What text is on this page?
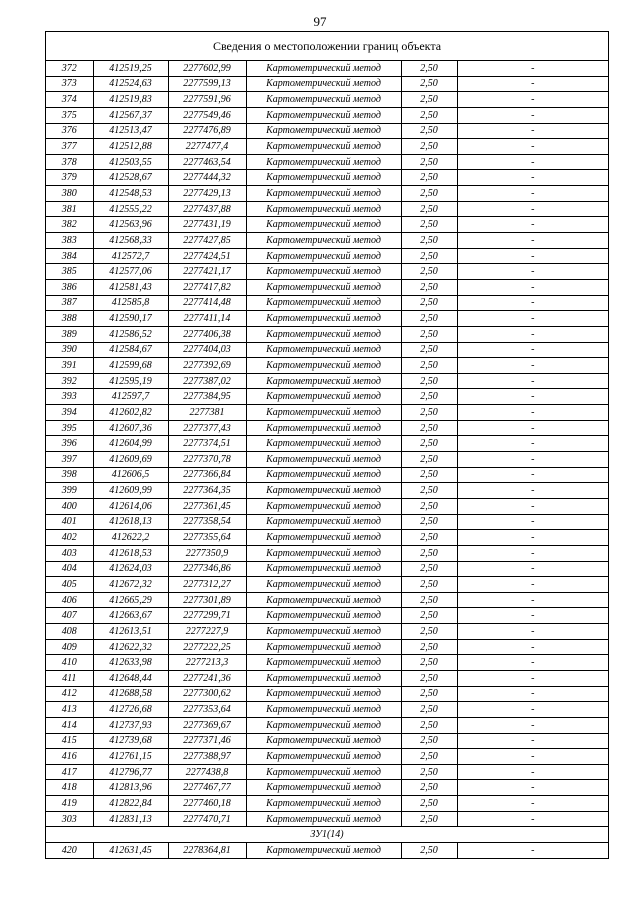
97
Сведения о местоположении границ объекта
372	412519,25	2277602,99	Картометрический метод	2,50	-
373	412524,63	2277599,13	Картометрический метод	2,50	-
374	412519,83	2277591,96	Картометрический метод	2,50	-
375	412567,37	2277549,46	Картометрический метод	2,50	-
376	412513,47	2277476,89	Картометрический метод	2,50	-
377	412512,88	2277477,4	Картометрический метод	2,50	-
378	412503,55	2277463,54	Картометрический метод	2,50	-
379	412528,67	2277444,32	Картометрический метод	2,50	-
380	412548,53	2277429,13	Картометрический метод	2,50	-
381	412555,22	2277437,88	Картометрический метод	2,50	-
382	412563,96	2277431,19	Картометрический метод	2,50	-
383	412568,33	2277427,85	Картометрический метод	2,50	-
384	412572,7	2277424,51	Картометрический метод	2,50	-
385	412577,06	2277421,17	Картометрический метод	2,50	-
386	412581,43	2277417,82	Картометрический метод	2,50	-
387	412585,8	2277414,48	Картометрический метод	2,50	-
388	412590,17	2277411,14	Картометрический метод	2,50	-
389	412586,52	2277406,38	Картометрический метод	2,50	-
390	412584,67	2277404,03	Картометрический метод	2,50	-
391	412599,68	2277392,69	Картометрический метод	2,50	-
392	412595,19	2277387,02	Картометрический метод	2,50	-
393	412597,7	2277384,95	Картометрический метод	2,50	-
394	412602,82	2277381	Картометрический метод	2,50	-
395	412607,36	2277377,43	Картометрический метод	2,50	-
396	412604,99	2277374,51	Картометрический метод	2,50	-
397	412609,69	2277370,78	Картометрический метод	2,50	-
398	412606,5	2277366,84	Картометрический метод	2,50	-
399	412609,99	2277364,35	Картометрический метод	2,50	-
400	412614,06	2277361,45	Картометрический метод	2,50	-
401	412618,13	2277358,54	Картометрический метод	2,50	-
402	412622,2	2277355,64	Картометрический метод	2,50	-
403	412618,53	2277350,9	Картометрический метод	2,50	-
404	412624,03	2277346,86	Картометрический метод	2,50	-
405	412672,32	2277312,27	Картометрический метод	2,50	-
406	412665,29	2277301,89	Картометрический метод	2,50	-
407	412663,67	2277299,71	Картометрический метод	2,50	-
408	412613,51	2277227,9	Картометрический метод	2,50	-
409	412622,32	2277222,25	Картометрический метод	2,50	-
410	412633,98	2277213,3	Картометрический метод	2,50	-
411	412648,44	2277241,36	Картометрический метод	2,50	-
412	412688,58	2277300,62	Картометрический метод	2,50	-
413	412726,68	2277353,64	Картометрический метод	2,50	-
414	412737,93	2277369,67	Картометрический метод	2,50	-
415	412739,68	2277371,46	Картометрический метод	2,50	-
416	412761,15	2277388,97	Картометрический метод	2,50	-
417	412796,77	2277438,8	Картометрический метод	2,50	-
418	412813,96	2277467,77	Картометрический метод	2,50	-
419	412822,84	2277460,18	Картометрический метод	2,50	-
303	412831,13	2277470,71	Картометрический метод	2,50	-
ЗУ1(14)					
420	412631,45	2278364,81	Картометрический метод	2,50	-
